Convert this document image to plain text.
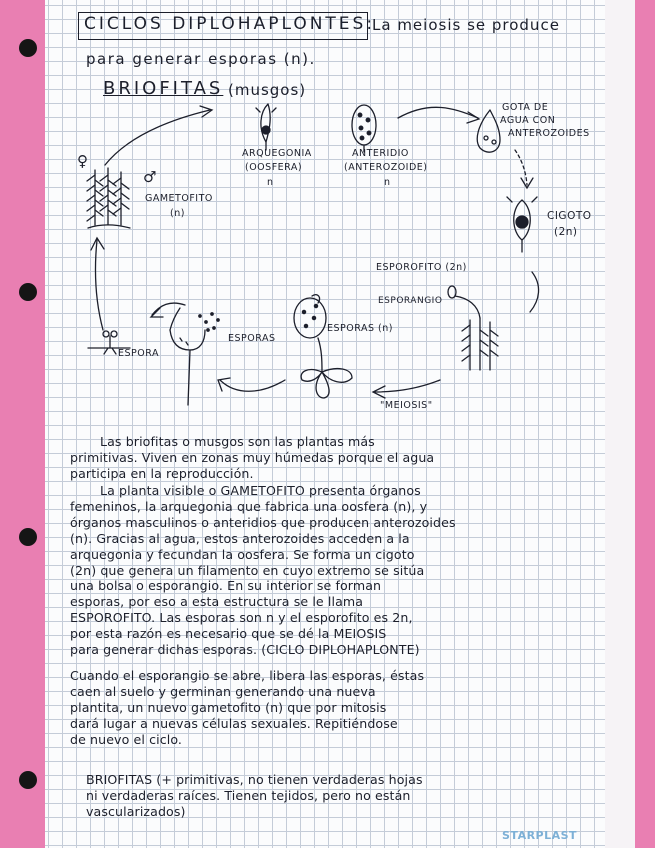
CICLOS DIPLOHAPLONTES:
La meiosis se produce
para generar esporas (n).
BRIOFITAS (musgos)
ARQUEGONIA
(OOSFERA)
n
ANTERIDIO
(ANTEROZOIDE)
n
GOTA DE
AGUA CON
ANTEROZOIDES
CIGOTO
(2n)
GAMETOFITO
(n)
♀
♂
ESPOROFITO (2n)
ESPORANGIO
ESPORAS (n)
ESPORAS
ESPORA
"MEIOSIS"
Las briofitas o musgos son las plantas más
primitivas. Viven en zonas muy húmedas porque el agua
participa en la reproducción.
La planta visible o GAMETOFITO presenta órganos
femeninos, la arquegonia que fabrica una oosfera (n), y
órganos masculinos o anteridios que producen anterozoides
(n). Gracias al agua, estos anterozoides acceden a la
arquegonia y fecundan la oosfera. Se forma un cigoto
(2n) que genera un filamento en cuyo extremo se sitúa
una bolsa o esporangio. En su interior se forman
esporas, por eso a esta estructura se le llama
ESPOROFITO. Las esporas son n y el esporofito es 2n,
por esta razón es necesario que se dé la MEIOSIS
para generar dichas esporas. (CICLO DIPLOHAPLONTE)
Cuando el esporangio se abre, libera las esporas, éstas
caen al suelo y germinan generando una nueva
plantita, un nuevo gametofito (n) que por mitosis
dará lugar a nuevas células sexuales. Repitiéndose
de nuevo el ciclo.
BRIOFITAS (+ primitivas, no tienen verdaderas hojas
ni verdaderas raíces. Tienen tejidos, pero no están
vascularizados)
STARPLAST
